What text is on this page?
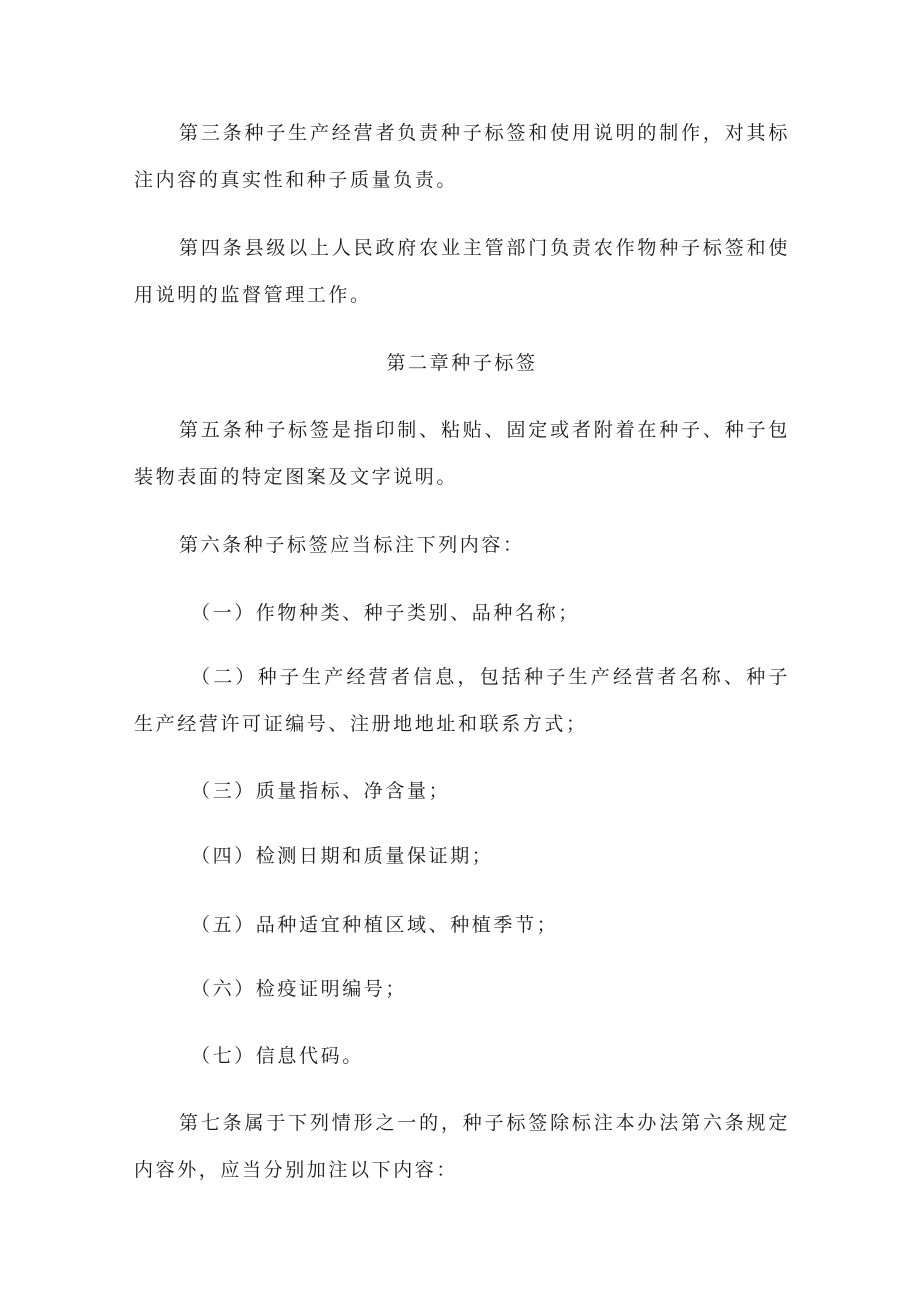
第三条种子生产经营者负责种子标签和使用说明的制作，对其标注内容的真实性和种子质量负责。

第四条县级以上人民政府农业主管部门负责农作物种子标签和使用说明的监督管理工作。

第二章种子标签

第五条种子标签是指印制、粘贴、固定或者附着在种子、种子包装物表面的特定图案及文字说明。

第六条种子标签应当标注下列内容：

（一）作物种类、种子类别、品种名称；

（二）种子生产经营者信息，包括种子生产经营者名称、种子生产经营许可证编号、注册地地址和联系方式；

（三）质量指标、净含量；

（四）检测日期和质量保证期；

（五）品种适宜种植区域、种植季节；

（六）检疫证明编号；

（七）信息代码。

第七条属于下列情形之一的，种子标签除标注本办法第六条规定内容外，应当分别加注以下内容：
